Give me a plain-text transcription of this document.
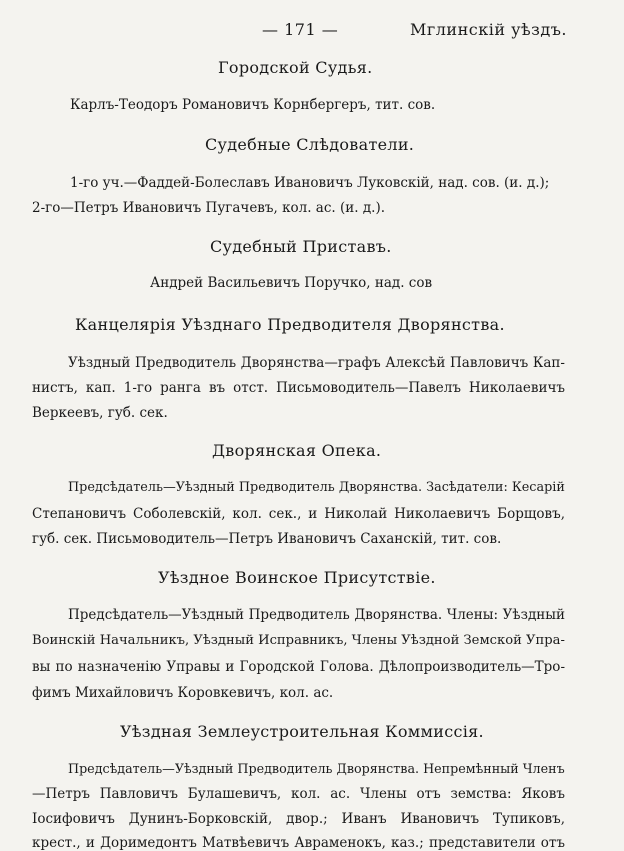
— 171 —	Мглинскій уѣздъ.
Городской Судья.
Карлъ-Теодоръ Романовичъ Корнбергеръ, тит. сов.
Судебные Слѣдователи.
1-го уч.—Фаддей-Болеславъ Ивановичъ Луковскій, над. сов. (и. д.);
2-го—Петръ Ивановичъ Пугачевъ, кол. ас. (и. д.).
Судебный Приставъ.
Андрей Васильевичъ Поручко, над. сов
Канцелярія Уѣзднаго Предводителя Дворянства.
Уѣздный Предводитель Дворянства—графъ Алексѣй Павловичъ Кап-
нистъ, кап. 1-го ранга въ отст. Письмоводитель—Павелъ Николаевичъ
Веркеевъ, губ. сек.
Дворянская Опека.
Предсѣдатель—Уѣздный Предводитель Дворянства. Засѣдатели: Кесарій
Степановичъ Соболевскій, кол. сек., и Николай Николаевичъ Борщовъ,
губ. сек. Письмоводитель—Петръ Ивановичъ Саханскій, тит. сов.
Уѣздное Воинское Присутствіе.
Предсѣдатель—Уѣздный Предводитель Дворянства. Члены: Уѣздный
Воинскій Начальникъ, Уѣздный Исправникъ, Члены Уѣздной Земской Упра-
вы по назначенію Управы и Городской Голова. Дѣлопроизводитель—Тро-
фимъ Михайловичъ Коровкевичъ, кол. ас.
Уѣздная Землеустроительная Коммиссія.
Предсѣдатель—Уѣздный Предводитель Дворянства. Непремѣнный Членъ
—Петръ Павловичъ Булашевичъ, кол. ас. Члены отъ земства: Яковъ
Іосифовичъ Дунинъ-Борковскій, двор.; Иванъ Ивановичъ Тупиковъ,
крест., и Доримедонтъ Матвѣевичъ Авраменокъ, каз.; представители отъ
